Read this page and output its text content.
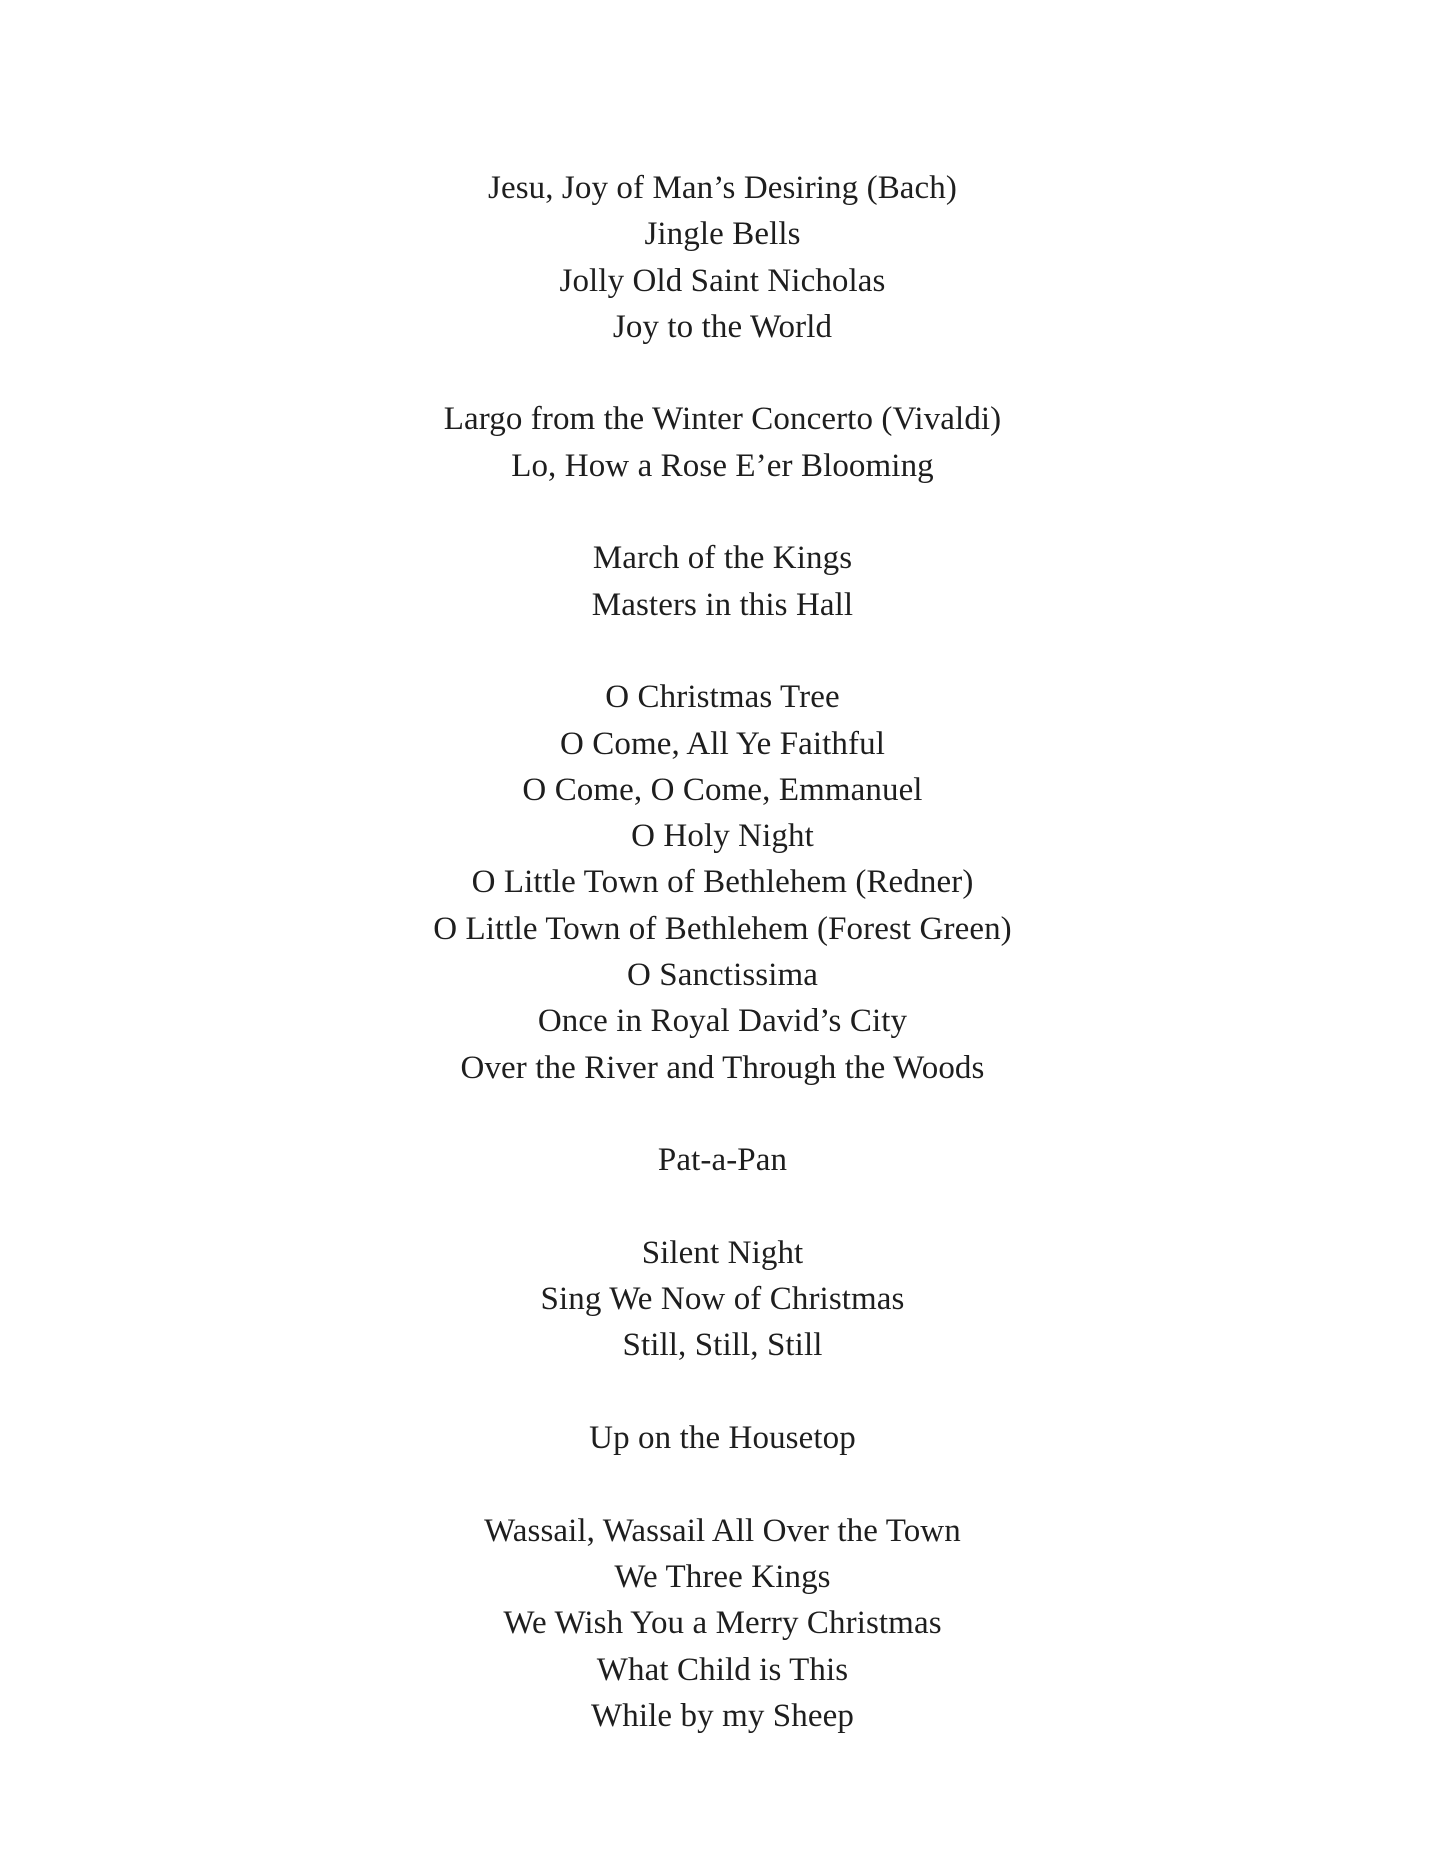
Jesu, Joy of Man’s Desiring (Bach)
Jingle Bells
Jolly Old Saint Nicholas
Joy to the World
Largo from the Winter Concerto (Vivaldi)
Lo, How a Rose E’er Blooming
March of the Kings
Masters in this Hall
O Christmas Tree
O Come, All Ye Faithful
O Come, O Come, Emmanuel
O Holy Night
O Little Town of Bethlehem (Redner)
O Little Town of Bethlehem (Forest Green)
O Sanctissima
Once in Royal David’s City
Over the River and Through the Woods
Pat-a-Pan
Silent Night
Sing We Now of Christmas
Still, Still, Still
Up on the Housetop
Wassail, Wassail All Over the Town
We Three Kings
We Wish You a Merry Christmas
What Child is This
While by my Sheep
